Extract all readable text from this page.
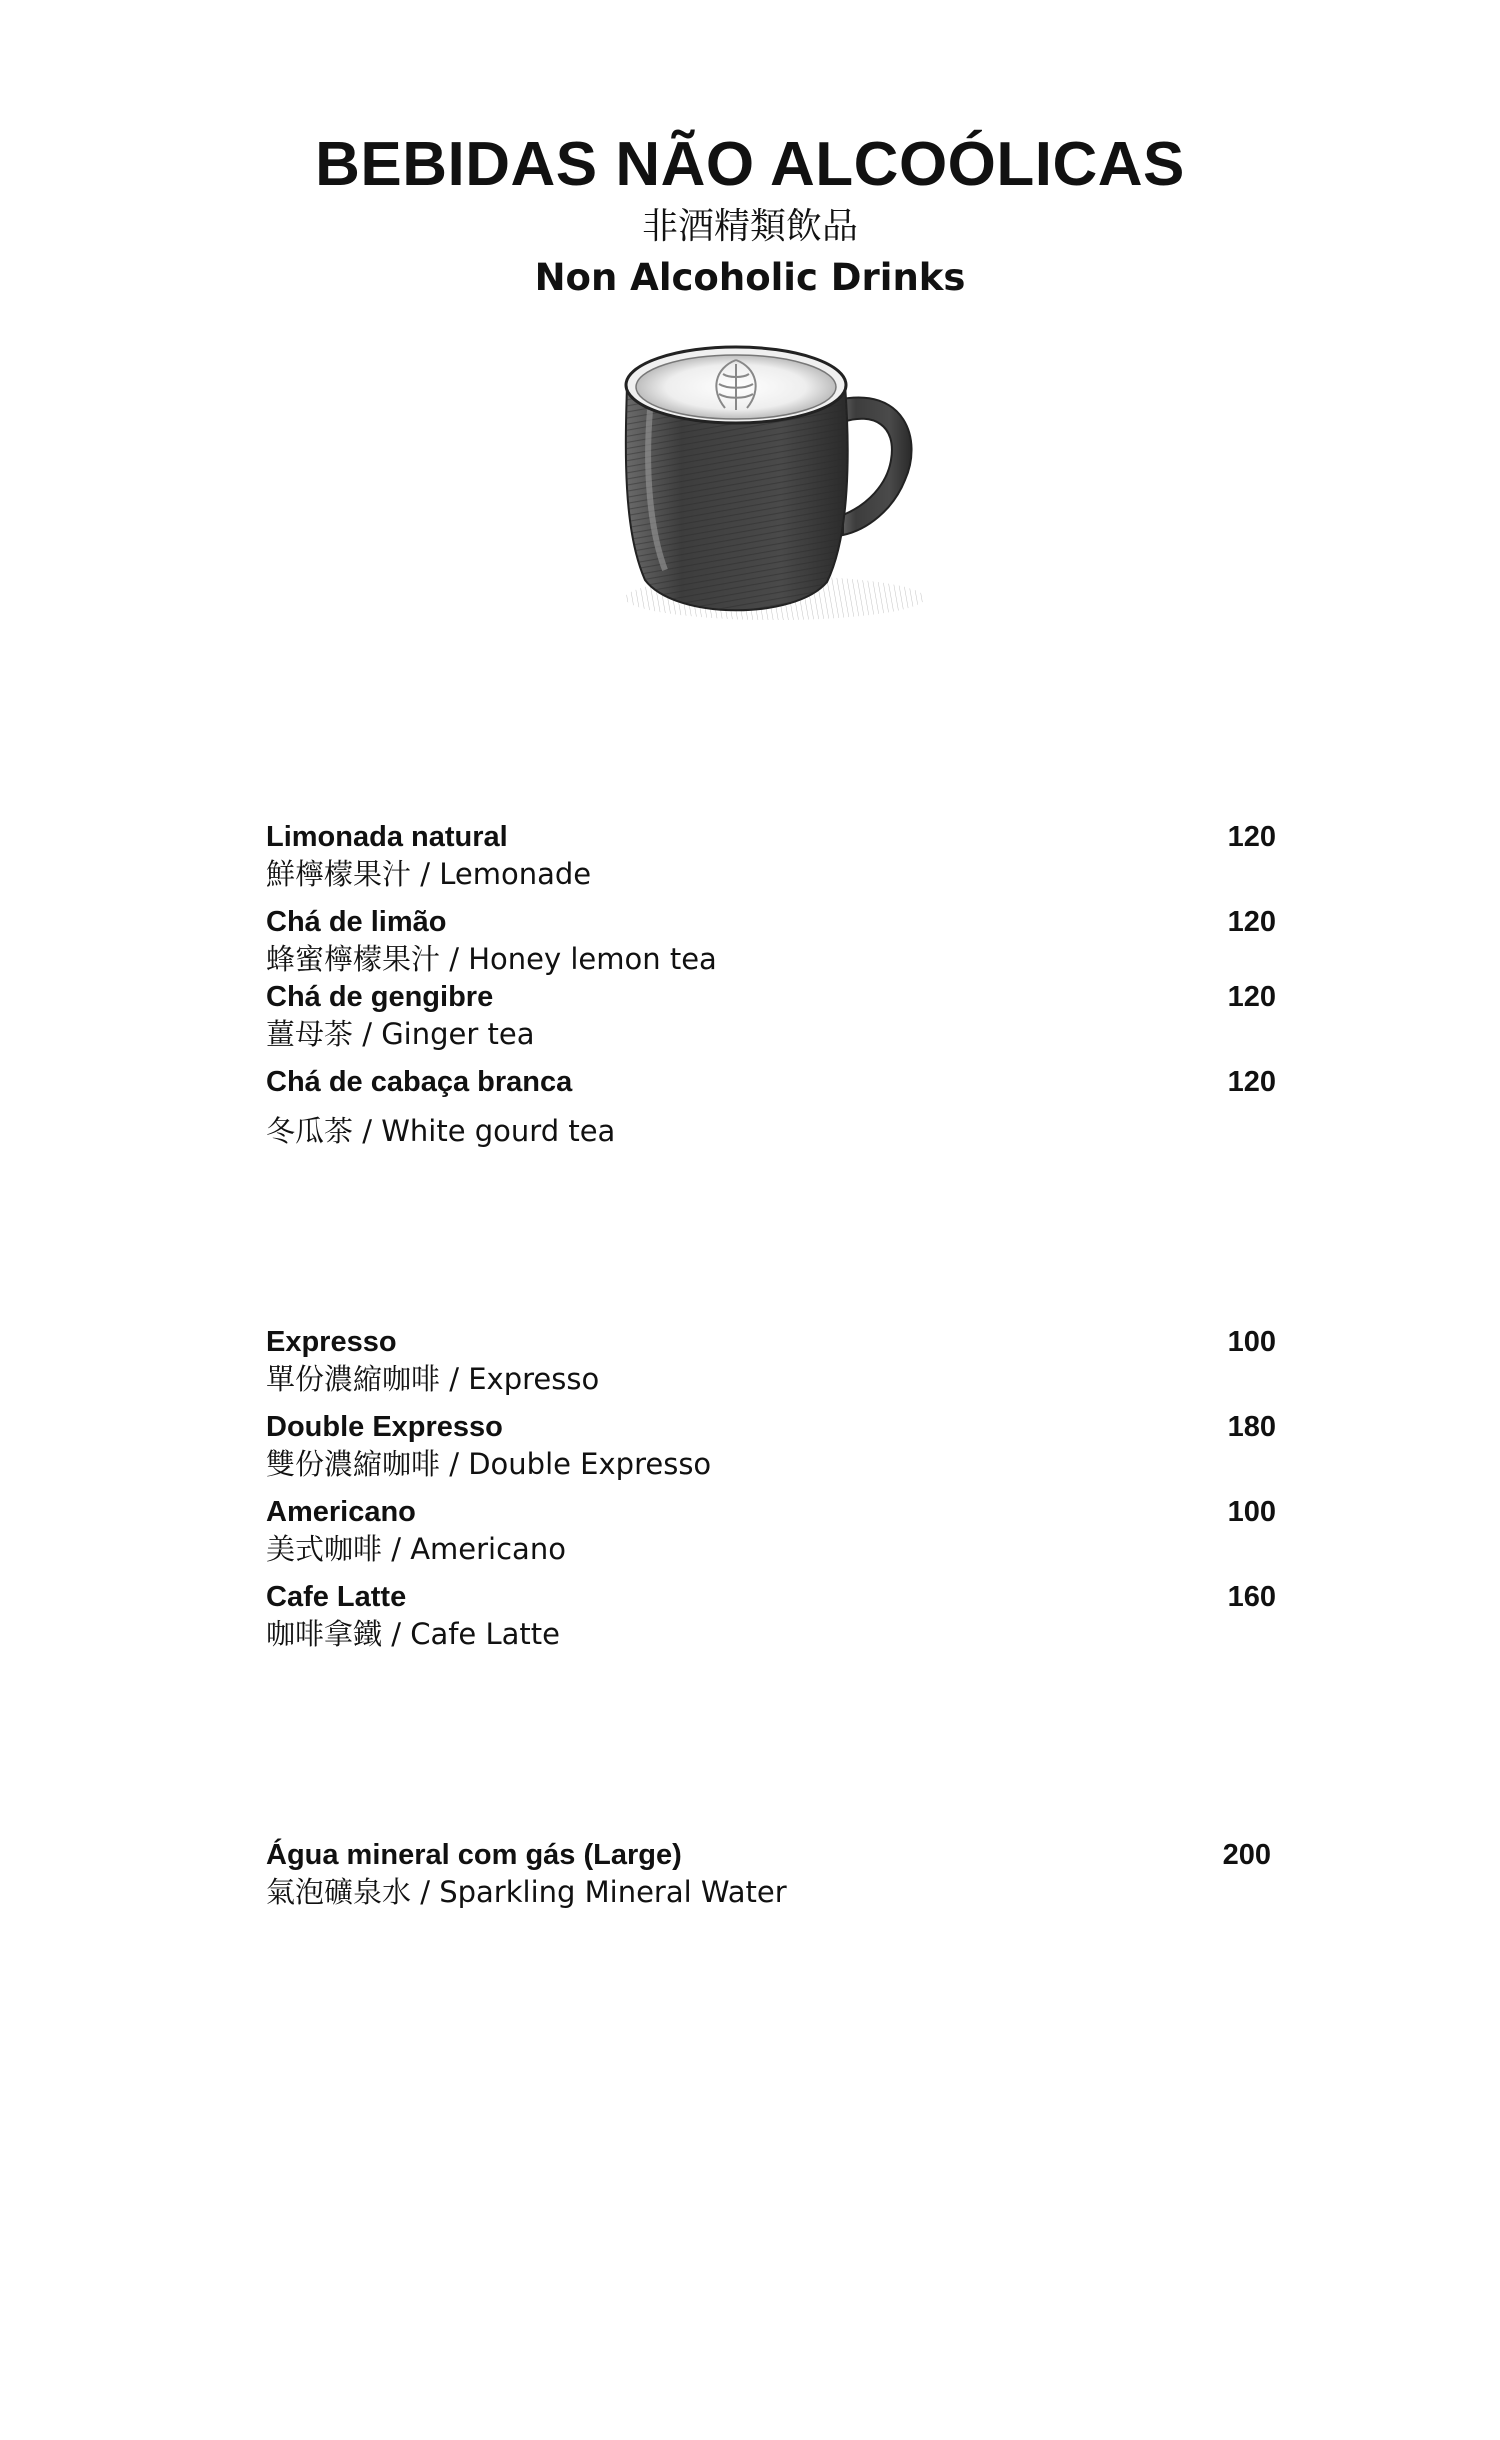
BEBIDAS NÃO ALCOÓLICAS
非酒精類飲品
Non Alcoholic Drinks
Limonada natural	120
鮮檸檬果汁 / Lemonade
Chá de limão	120
蜂蜜檸檬果汁 / Honey lemon tea
Chá de gengibre	120
薑母茶 / Ginger tea
Chá de cabaça branca	120
冬瓜茶 / White gourd tea
Expresso	100
單份濃縮咖啡 / Expresso
Double Expresso	180
雙份濃縮咖啡 / Double Expresso
Americano	100
美式咖啡 / Americano
Cafe Latte	160
咖啡拿鐵 / Cafe Latte
Água mineral com gás (Large)	200
氣泡礦泉水 / Sparkling Mineral Water
